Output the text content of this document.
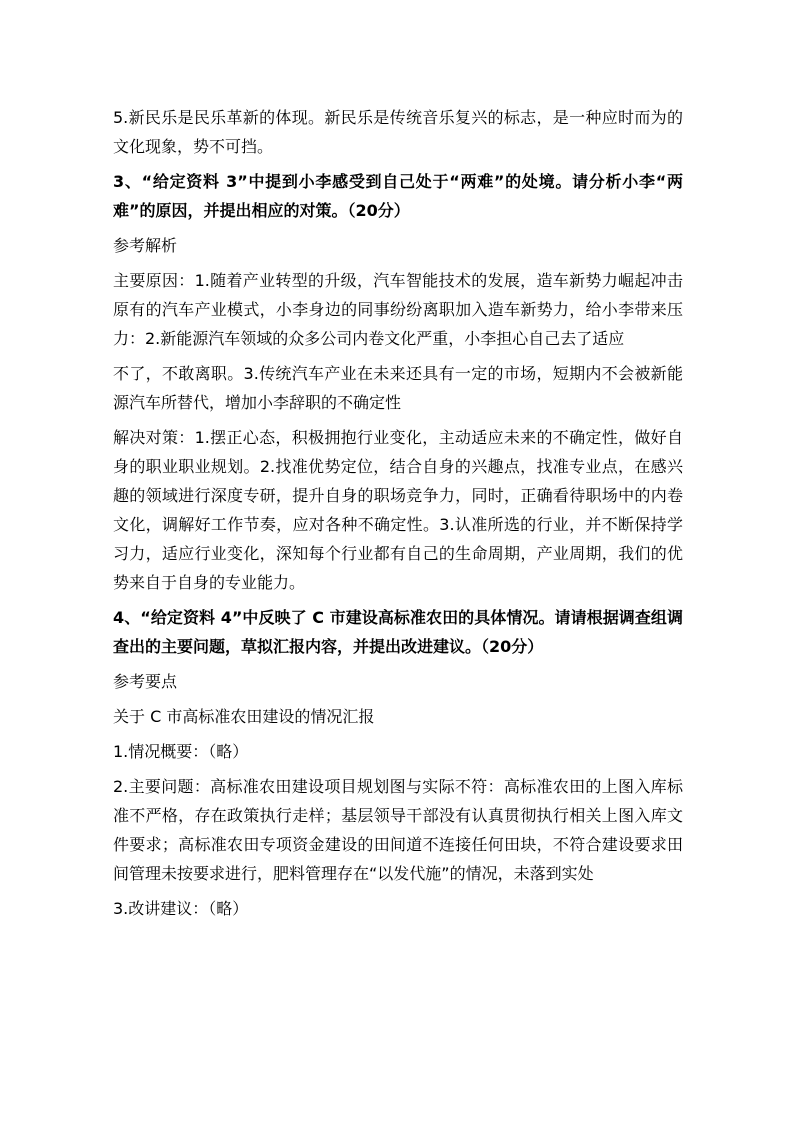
5.新民乐是民乐革新的体现。新民乐是传统音乐复兴的标志，是一种应时而为的文化现象，势不可挡。

3、“给定资料 3”中提到小李感受到自己处于“两难”的处境。请分析小李“两难”的原因，并提出相应的对策。（20分）

参考解析

主要原因：1.随着产业转型的升级，汽车智能技术的发展，造车新势力崛起冲击原有的汽车产业模式，小李身边的同事纷纷离职加入造车新势力，给小李带来压力：2.新能源汽车领域的众多公司内卷文化严重，小李担心自己去了适应

不了，不敢离职。3.传统汽车产业在未来还具有一定的市场，短期内不会被新能源汽车所替代，增加小李辞职的不确定性

解决对策：1.摆正心态，积极拥抱行业变化，主动适应未来的不确定性，做好自身的职业职业规划。2.找准优势定位，结合自身的兴趣点，找准专业点，在感兴趣的领域进行深度专研，提升自身的职场竞争力，同时，正确看待职场中的内卷文化，调解好工作节奏，应对各种不确定性。3.认准所选的行业，并不断保持学习力，适应行业变化，深知每个行业都有自己的生命周期，产业周期，我们的优势来自于自身的专业能力。

4、“给定资料 4”中反映了 C 市建设高标准农田的具体情况。请请根据调查组调查出的主要问题，草拟汇报内容，并提出改进建议。（20分）

参考要点

关于 C 市高标准农田建设的情况汇报

1.情况概要：（略）

2.主要问题：高标准农田建设项目规划图与实际不符：高标准农田的上图入库标准不严格，存在政策执行走样；基层领导干部没有认真贯彻执行相关上图入库文件要求；高标准农田专项资金建设的田间道不连接任何田块，不符合建设要求田间管理未按要求进行，肥料管理存在“以发代施”的情况，未落到实处

3.改讲建议：（略）
